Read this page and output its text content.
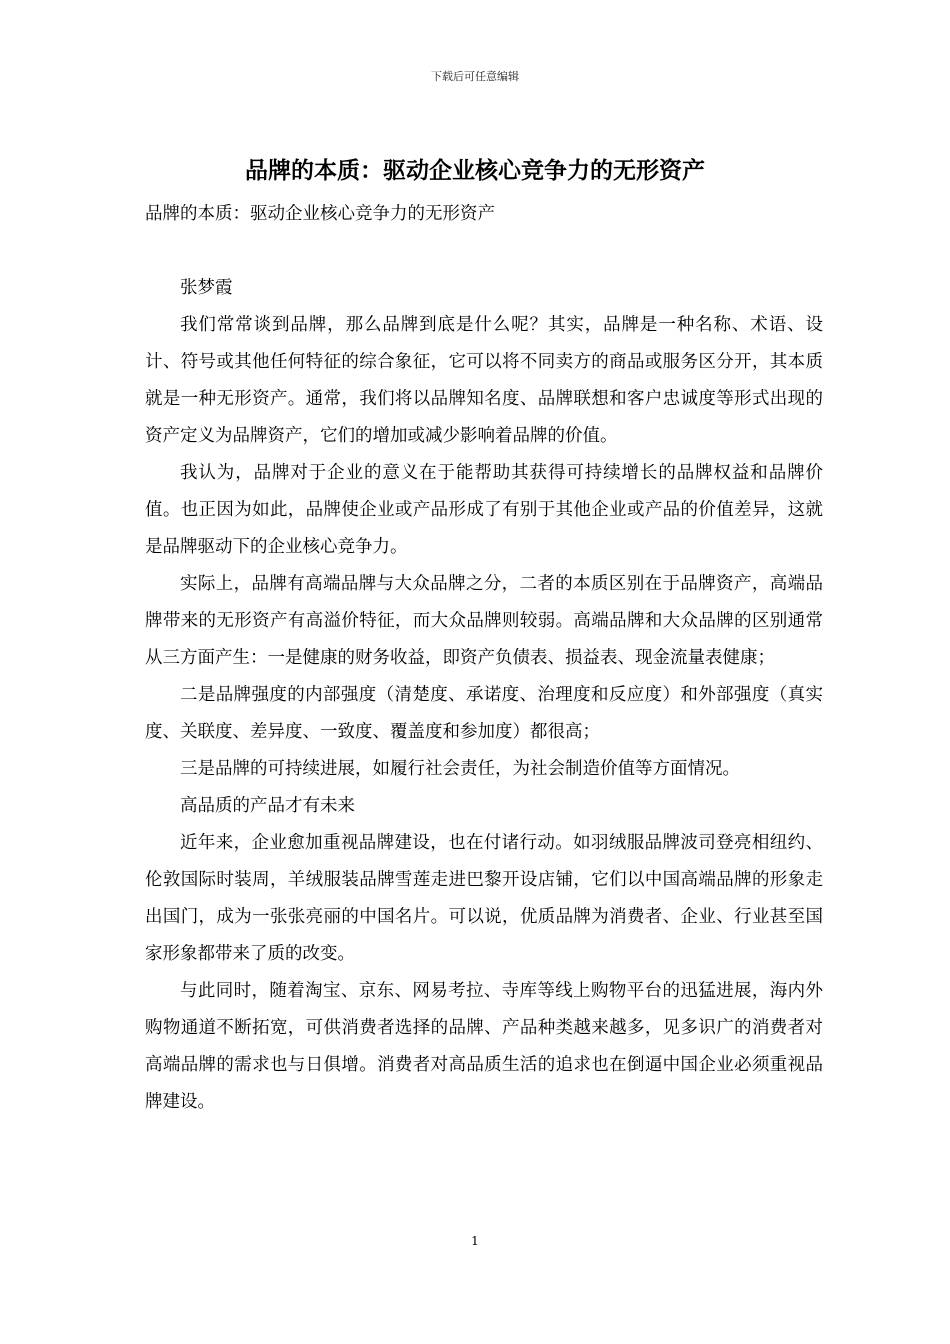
下载后可任意编辑
品牌的本质：驱动企业核心竞争力的无形资产

品牌的本质：驱动企业核心竞争力的无形资产

张梦霞

我们常常谈到品牌，那么品牌到底是什么呢？其实，品牌是一种名称、术语、设计、符号或其他任何特征的综合象征，它可以将不同卖方的商品或服务区分开，其本质就是一种无形资产。通常，我们将以品牌知名度、品牌联想和客户忠诚度等形式出现的资产定义为品牌资产，它们的增加或减少影响着品牌的价值。

我认为，品牌对于企业的意义在于能帮助其获得可持续增长的品牌权益和品牌价值。也正因为如此，品牌使企业或产品形成了有别于其他企业或产品的价值差异，这就是品牌驱动下的企业核心竞争力。

实际上，品牌有高端品牌与大众品牌之分，二者的本质区别在于品牌资产，高端品牌带来的无形资产有高溢价特征，而大众品牌则较弱。高端品牌和大众品牌的区别通常从三方面产生：一是健康的财务收益，即资产负债表、损益表、现金流量表健康；

二是品牌强度的内部强度（清楚度、承诺度、治理度和反应度）和外部强度（真实度、关联度、差异度、一致度、覆盖度和参加度）都很高；

三是品牌的可持续进展，如履行社会责任，为社会制造价值等方面情况。

高品质的产品才有未来

近年来，企业愈加重视品牌建设，也在付诸行动。如羽绒服品牌波司登亮相纽约、伦敦国际时装周，羊绒服装品牌雪莲走进巴黎开设店铺，它们以中国高端品牌的形象走出国门，成为一张张亮丽的中国名片。可以说，优质品牌为消费者、企业、行业甚至国家形象都带来了质的改变。

与此同时，随着淘宝、京东、网易考拉、寺库等线上购物平台的迅猛进展，海内外购物通道不断拓宽，可供消费者选择的品牌、产品种类越来越多，见多识广的消费者对高端品牌的需求也与日俱增。消费者对高品质生活的追求也在倒逼中国企业必须重视品牌建设。

1
